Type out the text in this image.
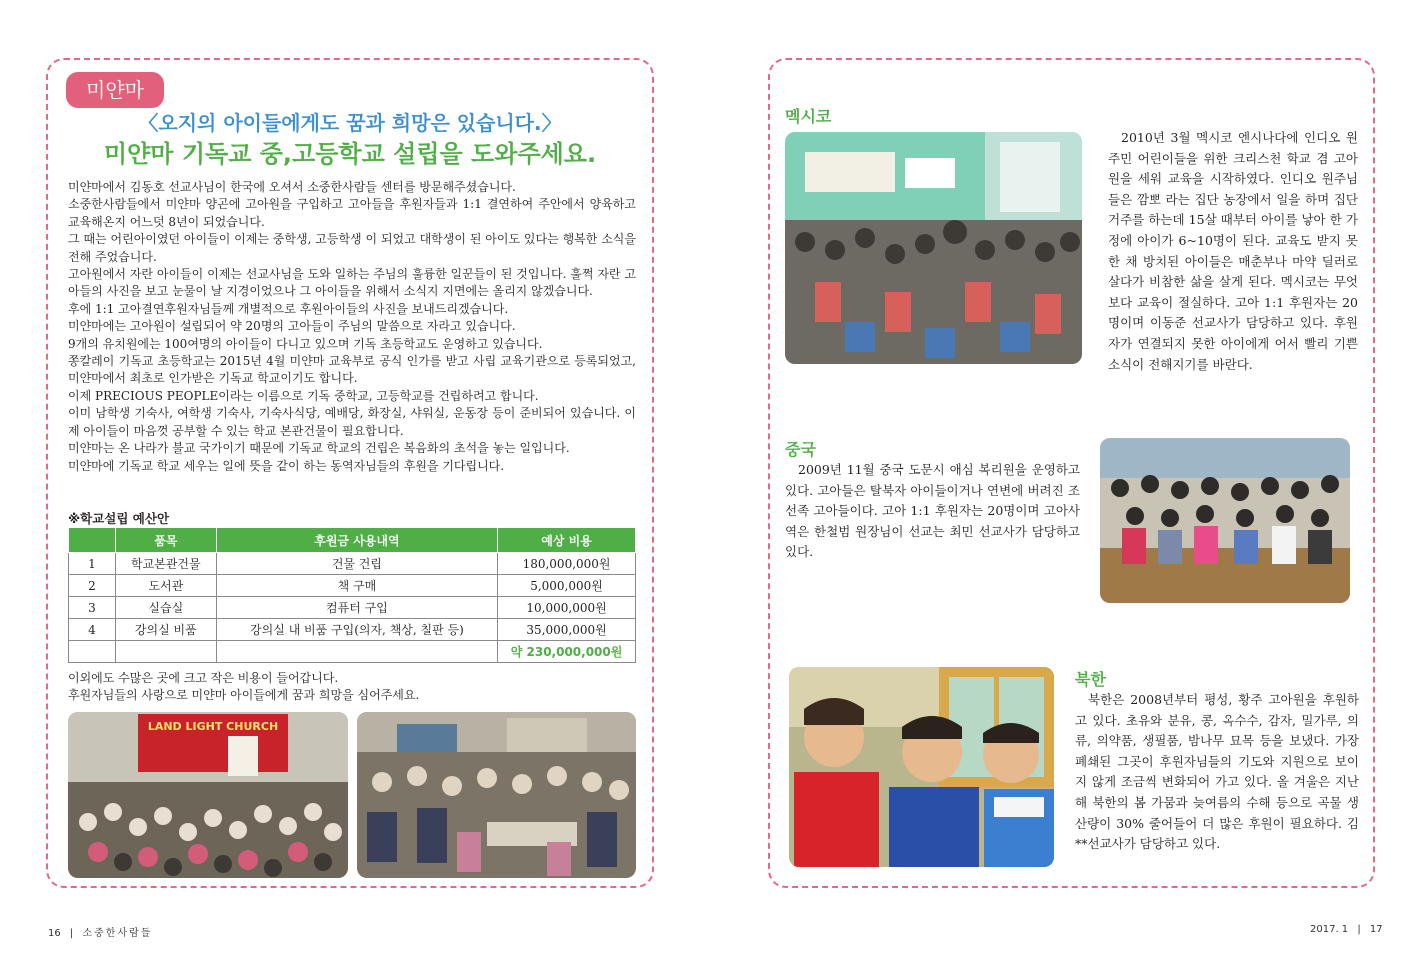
미얀마
〈오지의 아이들에게도 꿈과 희망은 있습니다.〉
미얀마 기독교 중,고등학교 설립을 도와주세요.

미얀마에서 김동호 선교사님이 한국에 오셔서 소중한사람들 센터를 방문해주셨습니다.

소중한사람들에서 미얀마 양곤에 고아원을 구입하고 고아들을 후원자들과 1:1 결연하여 주안에서 양육하고 교육해온지 어느덧 8년이 되었습니다.

그 때는 어린아이였던 아이들이 이제는 중학생, 고등학생 이 되었고 대학생이 된 아이도 있다는 행복한 소식을 전해 주었습니다.

고아원에서 자란 아이들이 이제는 선교사님을 도와 일하는 주님의 훌륭한 일꾼들이 된 것입니다. 훌쩍 자란 고아들의 사진을 보고 눈물이 날 지경이었으나 그 아이들을 위해서 소식지 지면에는 올리지 않겠습니다.

후에 1:1 고아결연후원자님들께 개별적으로 후원아이들의 사진을 보내드리겠습니다.

미얀마에는 고아원이 설립되어 약 20명의 고아들이 주님의 말씀으로 자라고 있습니다.

9개의 유치원에는 100여명의 아이들이 다니고 있으며 기독 초등학교도 운영하고 있습니다.

쫑칼레이 기독교 초등학교는 2015년 4월 미얀마 교육부로 공식 인가를 받고 사립 교육기관으로 등록되었고, 미얀마에서 최초로 인가받은 기독교 학교이기도 합니다.

이제 PRECIOUS PEOPLE이라는 이름으로 기독 중학교, 고등학교를 건립하려고 합니다.

이미 남학생 기숙사, 여학생 기숙사, 기숙사식당, 예배당, 화장실, 샤워실, 운동장 등이 준비되어 있습니다. 이제 아이들이 마음껏 공부할 수 있는 학교 본관건물이 필요합니다.

미얀마는 온 나라가 불교 국가이기 때문에 기독교 학교의 건립은 복음화의 초석을 놓는 일입니다.

미얀마에 기독교 학교 세우는 일에 뜻을 같이 하는 동역자님들의 후원을 기다립니다.

※학교설립 예산안
	품목	후원금 사용내역	예상 비용
1	학교본관건물	건물 건립	180,000,000원
2	도서관	책 구매	5,000,000원
3	실습실	컴퓨터 구입	10,000,000원
4	강의실 비품	강의실 내 비품 구입(의자, 책상, 칠판 등)	35,000,000원
			약 230,000,000원

이외에도 수많은 곳에 크고 작은 비용이 들어갑니다.

후원자님들의 사랑으로 미얀마 아이들에게 꿈과 희망을 심어주세요.

LAND LIGHT CHURCH
멕시코

2010년 3월 멕시코 엔시나다에 인디오 원주민 어린이들을 위한 크리스천 학교 겸 고아원을 세워 교육을 시작하였다. 인디오 원주님들은 깜뽀 라는 집단 농장에서 일을 하며 집단 거주를 하는데 15살 때부터 아이를 낳아 한 가정에 아이가 6~10명이 된다. 교육도 받지 못한 채 방치된 아이들은 매춘부나 마약 딜러로 살다가 비참한 삶을 살게 된다. 멕시코는 무엇보다 교육이 절실하다. 고아 1:1 후원자는 20명이며 이동준 선교사가 담당하고 있다. 후원자가 연결되지 못한 아이에게 어서 빨리 기쁜 소식이 전해지기를 바란다.

중국

2009년 11월 중국 도문시 애심 복리원을 운영하고 있다. 고아들은 탈북자 아이들이거나 연변에 버려진 조선족 고아들이다. 고아 1:1 후원자는 20명이며 고아사역은 한철범 원장님이 선교는 최민 선교사가 담당하고 있다.

북한

북한은 2008년부터 평성, 황주 고아원을 후원하고 있다. 초유와 분유, 콩, 옥수수, 감자, 밀가루, 의류, 의약품, 생필품, 밤나무 묘목 등을 보냈다. 가장 폐쇄된 그곳이 후원자님들의 기도와 지원으로 보이지 않게 조금씩 변화되어 가고 있다. 올 겨울은 지난해 북한의 봄 가뭄과 늦여름의 수해 등으로 곡물 생산량이 30% 줄어들어 더 많은 후원이 필요하다. 김**선교사가 담당하고 있다.

16 | 소중한사람들	2017. 1 | 17
